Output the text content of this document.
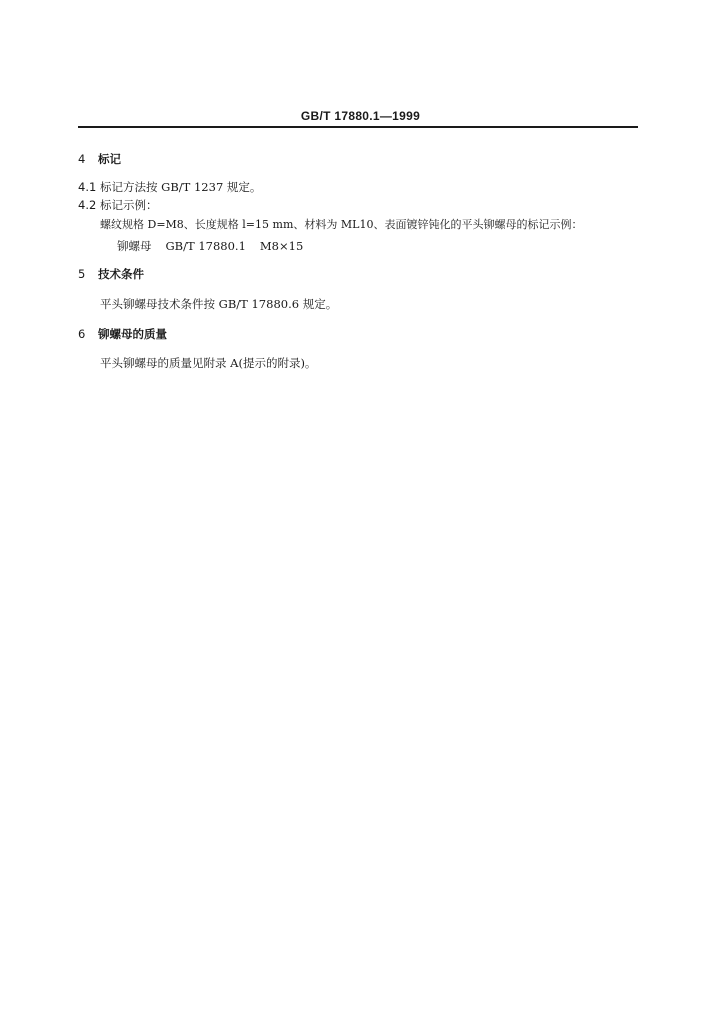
GB/T 17880.1—1999
4 标记
4.1 标记方法按 GB/T 1237 规定。
4.2 标记示例：
螺纹规格 D=M8、长度规格 l=15 mm、材料为 ML10、表面镀锌钝化的平头铆螺母的标记示例：
铆螺母 GB/T 17880.1 M8×15
5 技术条件
平头铆螺母技术条件按 GB/T 17880.6 规定。
6 铆螺母的质量
平头铆螺母的质量见附录 A(提示的附录)。
